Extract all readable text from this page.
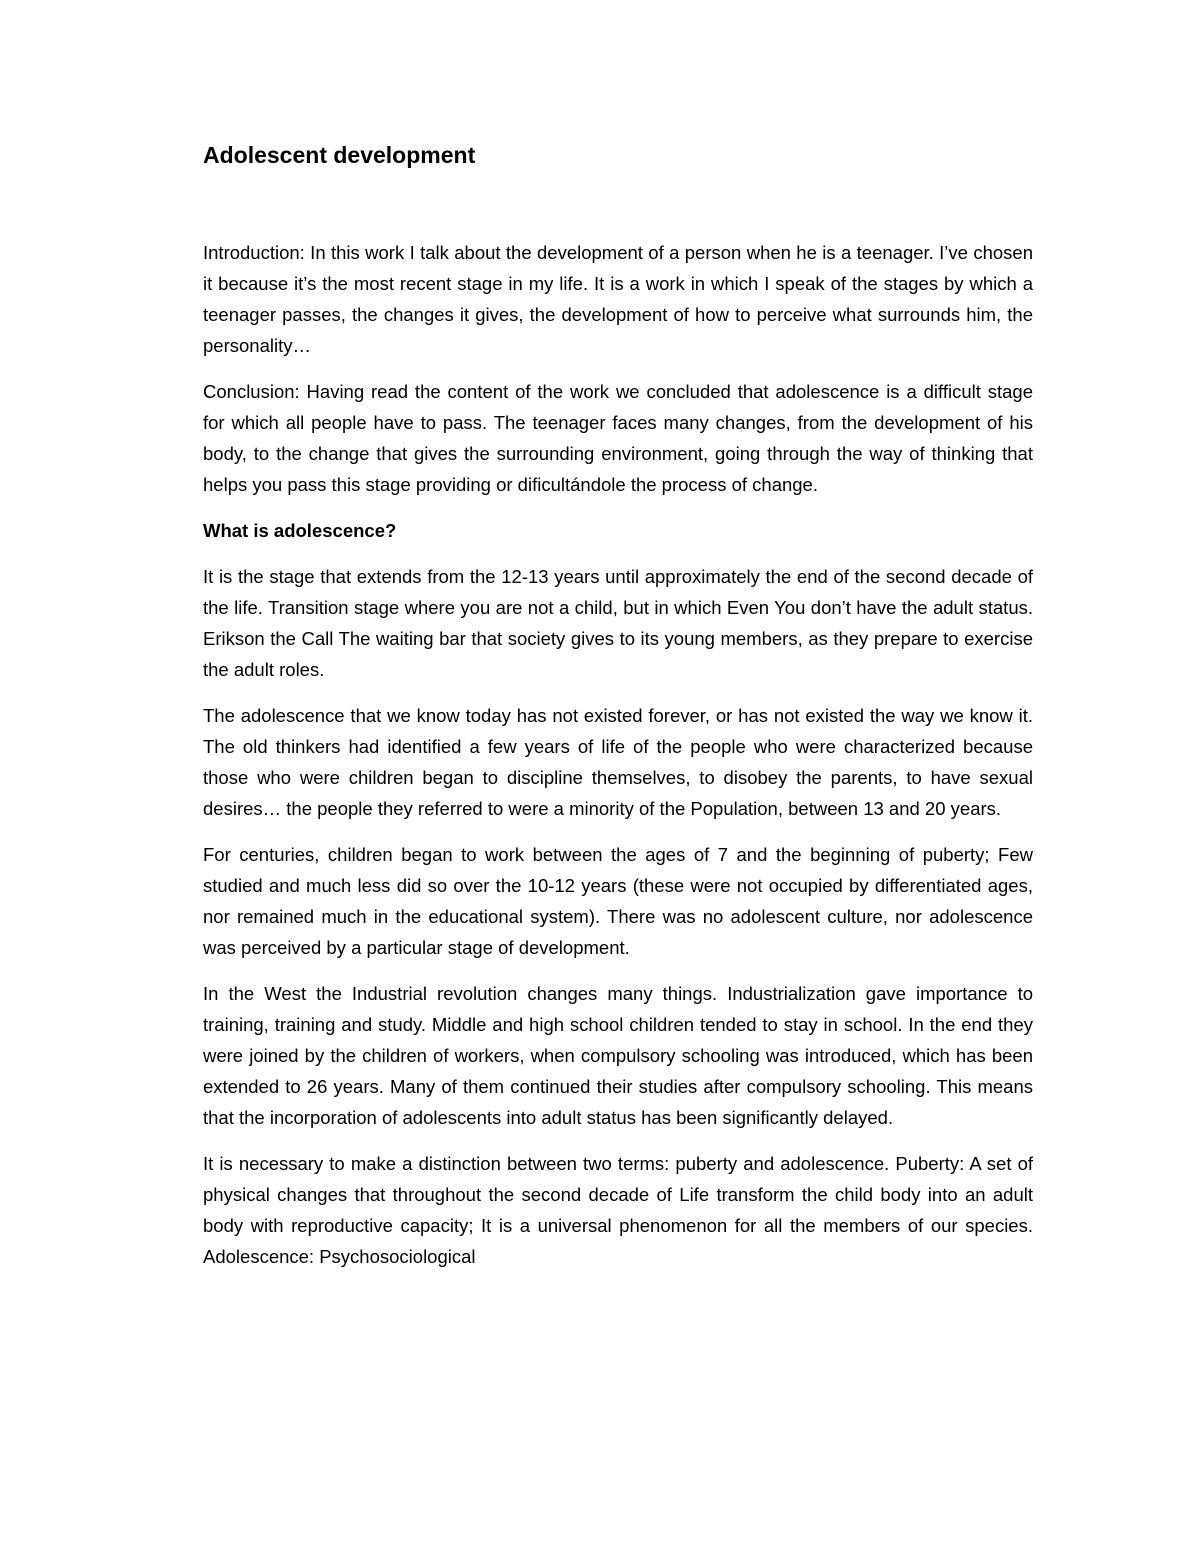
Adolescent development

Introduction: In this work I talk about the development of a person when he is a teenager. I’ve chosen it because it’s the most recent stage in my life. It is a work in which I speak of the stages by which a teenager passes, the changes it gives, the development of how to perceive what surrounds him, the personality…

Conclusion: Having read the content of the work we concluded that adolescence is a difficult stage for which all people have to pass. The teenager faces many changes, from the development of his body, to the change that gives the surrounding environment, going through the way of thinking that helps you pass this stage providing or dificultándole the process of change.

What is adolescence?

It is the stage that extends from the 12-13 years until approximately the end of the second decade of the life. Transition stage where you are not a child, but in which Even You don’t have the adult status. Erikson the Call The waiting bar that society gives to its young members, as they prepare to exercise the adult roles.

The adolescence that we know today has not existed forever, or has not existed the way we know it. The old thinkers had identified a few years of life of the people who were characterized because those who were children began to discipline themselves, to disobey the parents, to have sexual desires… the people they referred to were a minority of the Population, between 13 and 20 years.

For centuries, children began to work between the ages of 7 and the beginning of puberty; Few studied and much less did so over the 10-12 years (these were not occupied by differentiated ages, nor remained much in the educational system). There was no adolescent culture, nor adolescence was perceived by a particular stage of development.

In the West the Industrial revolution changes many things. Industrialization gave importance to training, training and study. Middle and high school children tended to stay in school. In the end they were joined by the children of workers, when compulsory schooling was introduced, which has been extended to 26 years. Many of them continued their studies after compulsory schooling. This means that the incorporation of adolescents into adult status has been significantly delayed.

It is necessary to make a distinction between two terms: puberty and adolescence. Puberty: A set of physical changes that throughout the second decade of Life transform the child body into an adult body with reproductive capacity; It is a universal phenomenon for all the members of our species. Adolescence: Psychosociological
